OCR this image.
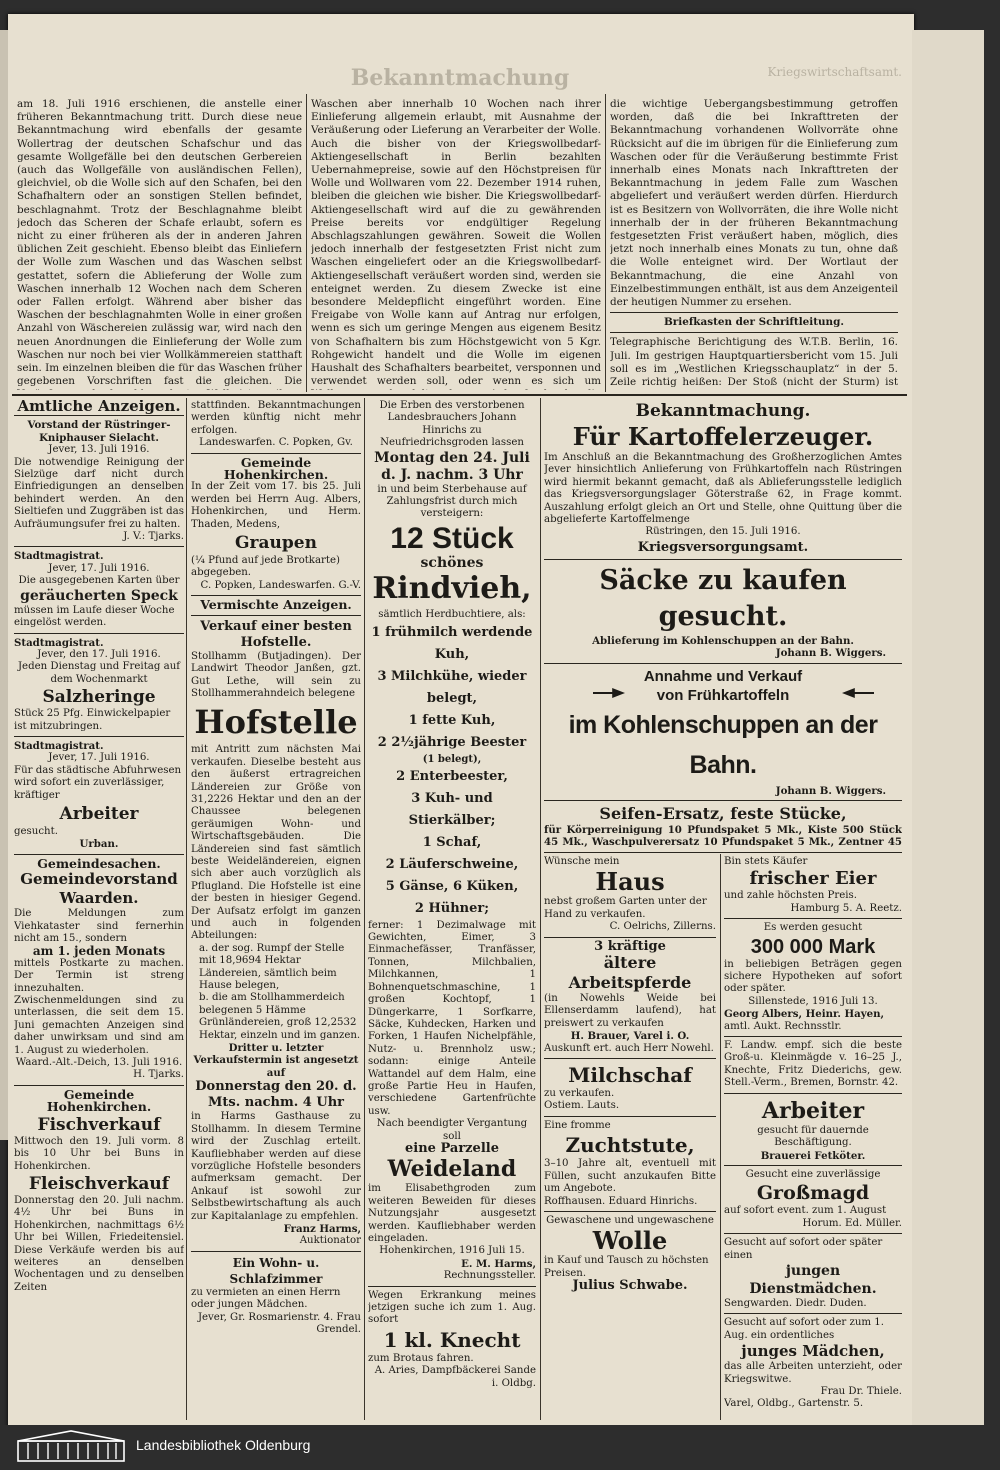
Bekanntmachung	Kriegswirtschaftsamt.

am 18. Juli 1916 erschienen, die anstelle einer früheren Bekanntmachung tritt. Durch diese neue Bekanntmachung wird ebenfalls der gesamte Wollertrag der deutschen Schafschur und das gesamte Wollgefälle bei den deutschen Gerbereien (auch das Wollgefälle von ausländischen Fellen), gleichviel, ob die Wolle sich auf den Schafen, bei den Schafhaltern oder an sonstigen Stellen befindet, beschlagnahmt. Trotz der Beschlagnahme bleibt jedoch das Scheren der Schafe erlaubt, sofern es nicht zu einer früheren als der in anderen Jahren üblichen Zeit geschieht. Ebenso bleibt das Einliefern der Wolle zum Waschen und das Waschen selbst gestattet, sofern die Ablieferung der Wolle zum Waschen innerhalb 12 Wochen nach dem Scheren oder Fallen erfolgt. Während aber bisher das Waschen der beschlagnahmten Wolle in einer großen Anzahl von Wäschereien zulässig war, wird nach den neuen Anordnungen die Einlieferung der Wolle zum Waschen nur noch bei vier Wollkämmereien statthaft sein. Im einzelnen bleiben die für das Waschen früher gegebenen Vorschriften fast die gleichen. Die

Waschen aber innerhalb 10 Wochen nach ihrer Einlieferung allgemein erlaubt, mit Ausnahme der Veräußerung oder Lieferung an Verarbeiter der Wolle. Auch die bisher von der Kriegswollbedarf-Aktiengesellschaft in Berlin bezahlten Uebernahmepreise, sowie auf den Höchstpreisen für Wolle und Wollwaren vom 22. Dezember 1914 ruhen, bleiben die gleichen wie bisher. Die Kriegswollbedarf-Aktiengesellschaft wird auf die zu gewährenden Preise bereits vor endgültiger Regelung Abschlagszahlungen gewähren. Soweit die Wollen jedoch innerhalb der festgesetzten Frist nicht zum Waschen eingeliefert oder an die Kriegswollbedarf-Aktiengesellschaft veräußert worden sind, werden sie enteignet werden. Zu diesem Zwecke ist eine besondere Meldepflicht eingeführt worden. Eine Freigabe von Wolle kann auf Antrag nur erfolgen, wenn es sich um geringe Mengen aus eigenem Besitz von Schafhaltern bis zum Höchstgewicht von 5 Kgr. Rohgewicht handelt und die Wolle im eigenen Haushalt des Schafhalters bearbeitet, versponnen und verwendet werden soll, oder wenn es sich um

die wichtige Uebergangsbestimmung getroffen worden, daß die bei Inkrafttreten der Bekanntmachung vorhandenen Wollvorräte ohne Rücksicht auf die im übrigen für die Einlieferung zum Waschen oder für die Veräußerung bestimmte Frist innerhalb eines Monats nach Inkrafttreten der Bekanntmachung in jedem Falle zum Waschen abgeliefert und veräußert werden dürfen. Hierdurch ist es Besitzern von Wollvorräten, die ihre Wolle nicht innerhalb der in der früheren Bekanntmachung festgesetzten Frist veräußert haben, möglich, dies jetzt noch innerhalb eines Monats zu tun, ohne daß die Wolle enteignet wird. Der Wortlaut der Bekanntmachung, die eine Anzahl von Einzelbestimmungen enthält, ist aus dem Anzeigenteil der heutigen Nummer zu ersehen.

Briefkasten der Schriftleitung.

Telegraphische Berichtigung des W.T.B. Berlin, 16. Juli. Im gestrigen Hauptquartiersbericht vom 15. Juli soll es im „Westlichen Kriegsschauplatz“ in der 5. Zeile richtig heißen: Der Stoß (nicht der Sturm) ist

Amtliche Anzeigen.
Vorstand der Rüstringer-Kniphauser Sielacht.
Jever, 13. Juli 1916.
Die notwendige Reinigung der Sielzüge darf nicht durch Einfriedigungen an denselben behindert werden. An den Sieltiefen und Zuggräben ist das Aufräumungsufer frei zu halten.
J. V.: Tjarks.
Stadtmagistrat.
Jever, 17. Juli 1916.
Die ausgegebenen Karten über
geräucherten Speck
müssen im Laufe dieser Woche eingelöst werden.
Stadtmagistrat.
Jever, den 17. Juli 1916.
Jeden Dienstag und Freitag auf dem Wochenmarkt
Salzheringe
Stück 25 Pfg. Einwickelpapier ist mitzubringen.
Stadtmagistrat.
Jever, 17. Juli 1916.
Für das städtische Abfuhrwesen wird sofort ein zuverlässiger, kräftiger
Arbeiter
gesucht.
Urban.
Gemeindesachen.
Gemeindevorstand Waarden.
Die Meldungen zum Viehkataster sind fernerhin nicht am 15., sondern
am 1. jeden Monats
mittels Postkarte zu machen. Der Termin ist streng innezuhalten. Zwischenmeldungen sind zu unterlassen, die seit dem 15. Juni gemachten Anzeigen sind daher unwirksam und sind am 1. August zu wiederholen.
Waard.-Alt.-Deich, 13. Juli 1916.
H. Tjarks.
Gemeinde Hohenkirchen.
Fischverkauf
Mittwoch den 19. Juli vorm. 8 bis 10 Uhr bei Buns in Hohenkirchen.
Fleischverkauf
Donnerstag den 20. Juli nachm. 4½ Uhr bei Buns in Hohenkirchen, nachmittags 6½ Uhr bei Willen, Friedeitensiel. Diese Verkäufe werden bis auf weiteres an denselben Wochentagen und zu denselben Zeiten
stattfinden. Bekanntmachungen werden künftig nicht mehr erfolgen.
Landeswarfen. C. Popken, Gv.
Gemeinde Hohenkirchen.
In der Zeit vom 17. bis 25. Juli werden bei Herrn Aug. Albers, Hohenkirchen, und Herm. Thaden, Medens,
Graupen
(¼ Pfund auf jede Brotkarte) abgegeben.
C. Popken, Landeswarfen. G.-V.
Vermischte Anzeigen.
Verkauf einer besten Hofstelle.
Stollhamm (Butjadingen). Der Landwirt Theodor Janßen, gzt. Gut Lethe, will sein zu Stollhammerahndeich belegene
Hofstelle
mit Antritt zum nächsten Mai verkaufen. Dieselbe besteht aus den äußerst ertragreichen Ländereien zur Größe von 31,2226 Hektar und den an der Chaussee belegenen geräumigen Wohn- und Wirtschaftsgebäuden. Die Ländereien sind fast sämtlich beste Weideländereien, eignen sich aber auch vorzüglich als Pflugland. Die Hofstelle ist eine der besten in hiesiger Gegend. Der Aufsatz erfolgt im ganzen und auch in folgenden Abteilungen:
a. der sog. Rumpf der Stelle mit 18,9694 Hektar Ländereien, sämtlich beim Hause belegen,
b. die am Stollhammerdeich belegenen 5 Hämme Grünländereien, groß 12,2532 Hektar, einzeln und im ganzen.
Dritter u. letzter Verkaufstermin ist angesetzt auf
Donnerstag den 20. d. Mts. nachm. 4 Uhr
in Harms Gasthause zu Stollhamm. In diesem Termine wird der Zuschlag erteilt. Kaufliebhaber werden auf diese vorzügliche Hofstelle besonders aufmerksam gemacht. Der Ankauf ist sowohl zur Selbstbewirtschaftung als auch zur Kapitalanlage zu empfehlen.
Franz Harms,
Auktionator
Ein Wohn- u. Schlafzimmer
zu vermieten an einen Herrn oder jungen Mädchen.
Jever, Gr. Rosmarienstr. 4. Frau Grendel.
Die Erben des verstorbenen Landesbrauchers Johann Hinrichs zu Neufriedrichsgroden lassen
Montag den 24. Juli d. J. nachm. 3 Uhr
in und beim Sterbehause auf Zahlungsfrist durch mich versteigern:
12 Stück
schönes
Rindvieh,
sämtlich Herdbuchtiere, als:
1 frühmilch werdende Kuh,
3 Milchkühe, wieder belegt,
1 fette Kuh,
2 2½jährige Beester
(1 belegt),
2 Enterbeester,
3 Kuh- und Stierkälber;
1 Schaf,
2 Läuferschweine,
5 Gänse, 6 Küken,
2 Hühner;
ferner: 1 Dezimalwage mit Gewichten, Eimer, 3 Einmachefässer, Tranfässer, Tonnen, Milchbalien, Milchkannen, 1 Bohnenquetschmaschine, 1 großen Kochtopf, 1 Düngerkarre, 1 Sorfkarre, Säcke, Kuhdecken, Harken und Forken, 1 Haufen Nichelpfähle, Nutz- u. Brennholz usw.; sodann: einige Anteile Wattandel auf dem Halm, eine große Partie Heu in Haufen, verschiedene Gartenfrüchte usw.
Nach beendigter Vergantung soll
eine Parzelle
Weideland
im Elisabethgroden zum weiteren Beweiden für dieses Nutzungsjahr ausgesetzt werden. Kaufliebhaber werden eingeladen.
Hohenkirchen, 1916 Juli 15.
E. M. Harms,
Rechnungssteller.
Wegen Erkrankung meines jetzigen suche ich zum 1. Aug. sofort
1 kl. Knecht
zum Brotaus fahren.
A. Aries, Dampfbäckerei Sande i. Oldbg.
Bekanntmachung.
Für Kartoffelerzeuger.
Im Anschluß an die Bekanntmachung des Großherzoglichen Amtes Jever hinsichtlich Anlieferung von Frühkartoffeln nach Rüstringen wird hiermit bekannt gemacht, daß als Ablieferungsstelle lediglich das Kriegsversorgungslager Göterstraße 62, in Frage kommt. Auszahlung erfolgt gleich an Ort und Stelle, ohne Quittung über die abgelieferte Kartoffelmenge
Rüstringen, den 15. Juli 1916.
Kriegsversorgungsamt.
Säcke zu kaufen gesucht.
Ablieferung im Kohlenschuppen an der Bahn.
Johann B. Wiggers.
Annahme und Verkauf
von Frühkartoffeln
im Kohlenschuppen an der Bahn.
Johann B. Wiggers.
Seifen-Ersatz, feste Stücke,
für Körperreinigung 10 Pfundspaket 5 Mk., Kiste 500 Stück 45 Mk., Waschpulverersatz 10 Pfundspaket 5 Mk., Zentner 45
Wünsche mein
Haus
nebst großem Garten unter der Hand zu verkaufen.
C. Oelrichs, Zillerns.
3 kräftige
ältere Arbeitspferde
(in Nowehls Weide bei Ellenserdamm laufend), hat preiswert zu verkaufen
H. Brauer, Varel i. O.
Auskunft ert. auch Herr Nowehl.
Milchschaf
zu verkaufen.
Ostiem. Lauts.
Eine fromme
Zuchtstute,
3–10 Jahre alt, eventuell mit Füllen, sucht anzukaufen Bitte um Angebote.
Roffhausen. Eduard Hinrichs.
Gewaschene und ungewaschene
Wolle
in Kauf und Tausch zu höchsten Preisen.
Julius Schwabe.
Bin stets Käufer
frischer Eier
und zahle höchsten Preis.
Hamburg 5. A. Reetz.
Es werden gesucht
300 000 Mark
in beliebigen Beträgen gegen sichere Hypotheken auf sofort oder später.
Sillenstede, 1916 Juli 13.
Georg Albers, Heinr. Hayen,
amtl. Aukt. Rechnsstlr.
F. Landw. empf. sich die beste Groß-u. Kleinmägde v. 16–25 J., Knechte, Fritz Diederichs, gew. Stell.-Verm., Bremen, Bornstr. 42.
Arbeiter
gesucht für dauernde Beschäftigung.
Brauerei Fetköter.
Gesucht eine zuverlässige
Großmagd
auf sofort event. zum 1. August
Horum. Ed. Müller.
Gesucht auf sofort oder später einen
jungen Dienstmädchen.
Sengwarden. Diedr. Duden.
Gesucht auf sofort oder zum 1. Aug. ein ordentliches
junges Mädchen,
das alle Arbeiten unterzieht, oder Kriegswitwe.
Frau Dr. Thiele.
Varel, Oldbg., Gartenstr. 5.
Landesbibliothek Oldenburg
